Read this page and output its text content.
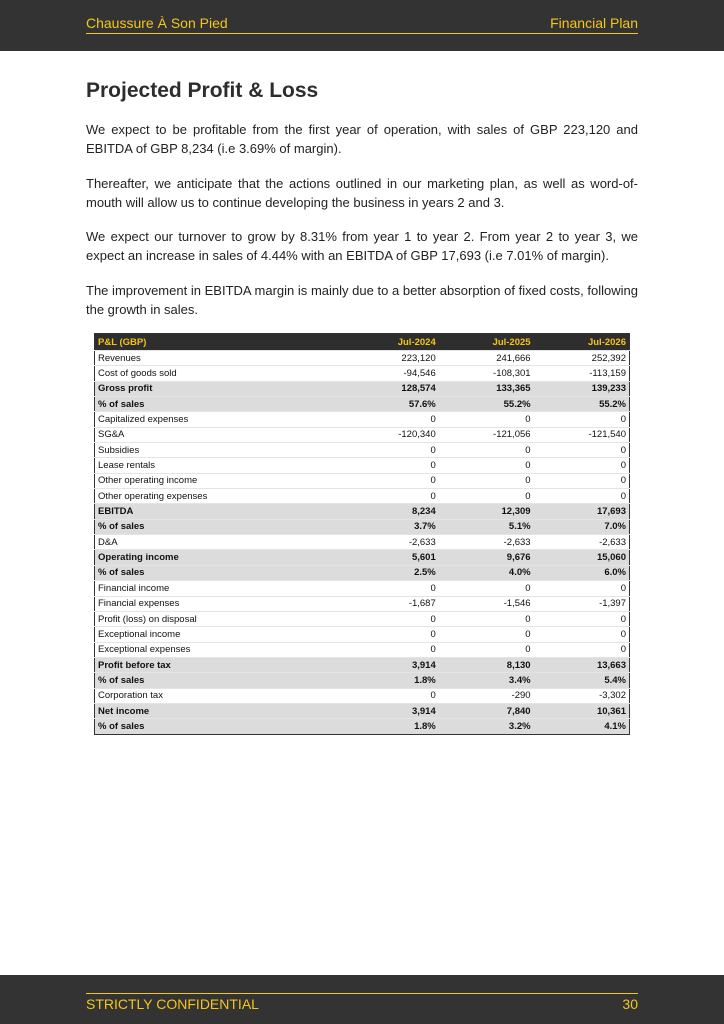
Chaussure À Son Pied	Financial Plan
Projected Profit & Loss

We expect to be profitable from the first year of operation, with sales of GBP 223,120 and EBITDA of GBP 8,234 (i.e 3.69% of margin).

Thereafter, we anticipate that the actions outlined in our marketing plan, as well as word-of-mouth will allow us to continue developing the business in years 2 and 3.

We expect our turnover to grow by 8.31% from year 1 to year 2. From year 2 to year 3, we expect an increase in sales of 4.44% with an EBITDA of GBP 17,693 (i.e 7.01% of margin).

The improvement in EBITDA margin is mainly due to a better absorption of fixed costs, following the growth in sales.

P&L (GBP)	Jul-2024	Jul-2025	Jul-2026
Revenues	223,120	241,666	252,392
Cost of goods sold	-94,546	-108,301	-113,159
Gross profit	128,574	133,365	139,233
% of sales	57.6%	55.2%	55.2%
Capitalized expenses	0	0	0
SG&A	-120,340	-121,056	-121,540
Subsidies	0	0	0
Lease rentals	0	0	0
Other operating income	0	0	0
Other operating expenses	0	0	0
EBITDA	8,234	12,309	17,693
% of sales	3.7%	5.1%	7.0%
D&A	-2,633	-2,633	-2,633
Operating income	5,601	9,676	15,060
% of sales	2.5%	4.0%	6.0%
Financial income	0	0	0
Financial expenses	-1,687	-1,546	-1,397
Profit (loss) on disposal	0	0	0
Exceptional income	0	0	0
Exceptional expenses	0	0	0
Profit before tax	3,914	8,130	13,663
% of sales	1.8%	3.4%	5.4%
Corporation tax	0	-290	-3,302
Net income	3,914	7,840	10,361
% of sales	1.8%	3.2%	4.1%
STRICTLY CONFIDENTIAL	30
